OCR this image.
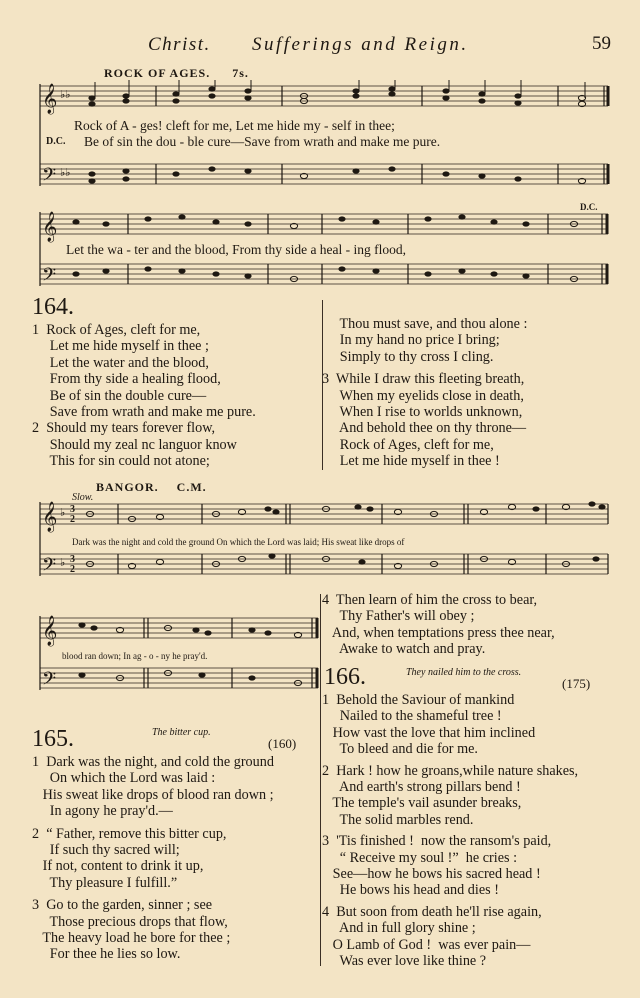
Christ. Sufferings and Reign.	59
ROCK OF AGES. 7s.
𝄞
𝄢
♭♭
♭♭
Rock of A - ges! cleft for me, Let me hide my - self in thee;
D.C. Be of sin the dou - ble cure—Save from wrath and make me pure.
𝄞
𝄢
D.C.
Let the wa - ter and the blood, From thy side a heal - ing flood,
164.
1  Rock of Ages, cleft for me,
Let me hide myself in thee ;
Let the water and the blood,
From thy side a healing flood,
Be of sin the double cure—
Save from wrath and make me pure.
2  Should my tears forever flow,
Should my zeal nc languor know
This for sin could not atone;
Thou must save, and thou alone :
In my hand no price I bring;
Simply to thy cross I cling.
3  While I draw this fleeting breath,
When my eyelids close in death,
When I rise to worlds unknown,
And behold thee on thy throne—
Rock of Ages, cleft for me,
Let me hide myself in thee !
BANGOR. C.M.
Slow.
𝄞
𝄢
♭
♭
3
2
3
2
Dark was the night and cold the ground On which the Lord was laid; His sweat like drops of
𝄞
𝄢
blood ran down; In ag - o - ny he pray'd.
165.	The bitter cup.
(160)
1  Dark was the night, and cold the ground
On which the Lord was laid :
His sweat like drops of blood ran down ;
In agony he pray'd.—
2  “ Father, remove this bitter cup,
If such thy sacred will;
If not, content to drink it up,
Thy pleasure I fulfill.”
3  Go to the garden, sinner ; see
Those precious drops that flow,
The heavy load he bore for thee ;
For thee he lies so low.
4  Then learn of him the cross to bear,
Thy Father's will obey ;
And, when temptations press thee near,
Awake to watch and pray.
166.	They nailed him to the cross.
(175)
1  Behold the Saviour of mankind
Nailed to the shameful tree !
How vast the love that him inclined
To bleed and die for me.
2  Hark ! how he groans,while nature shakes,
And earth's strong pillars bend !
The temple's vail asunder breaks,
The solid marbles rend.
3  'Tis finished !  now the ransom's paid,
“ Receive my soul !”  he cries :
See—how he bows his sacred head !
He bows his head and dies !
4  But soon from death he'll rise again,
And in full glory shine ;
O Lamb of God !  was ever pain—
Was ever love like thine ?
